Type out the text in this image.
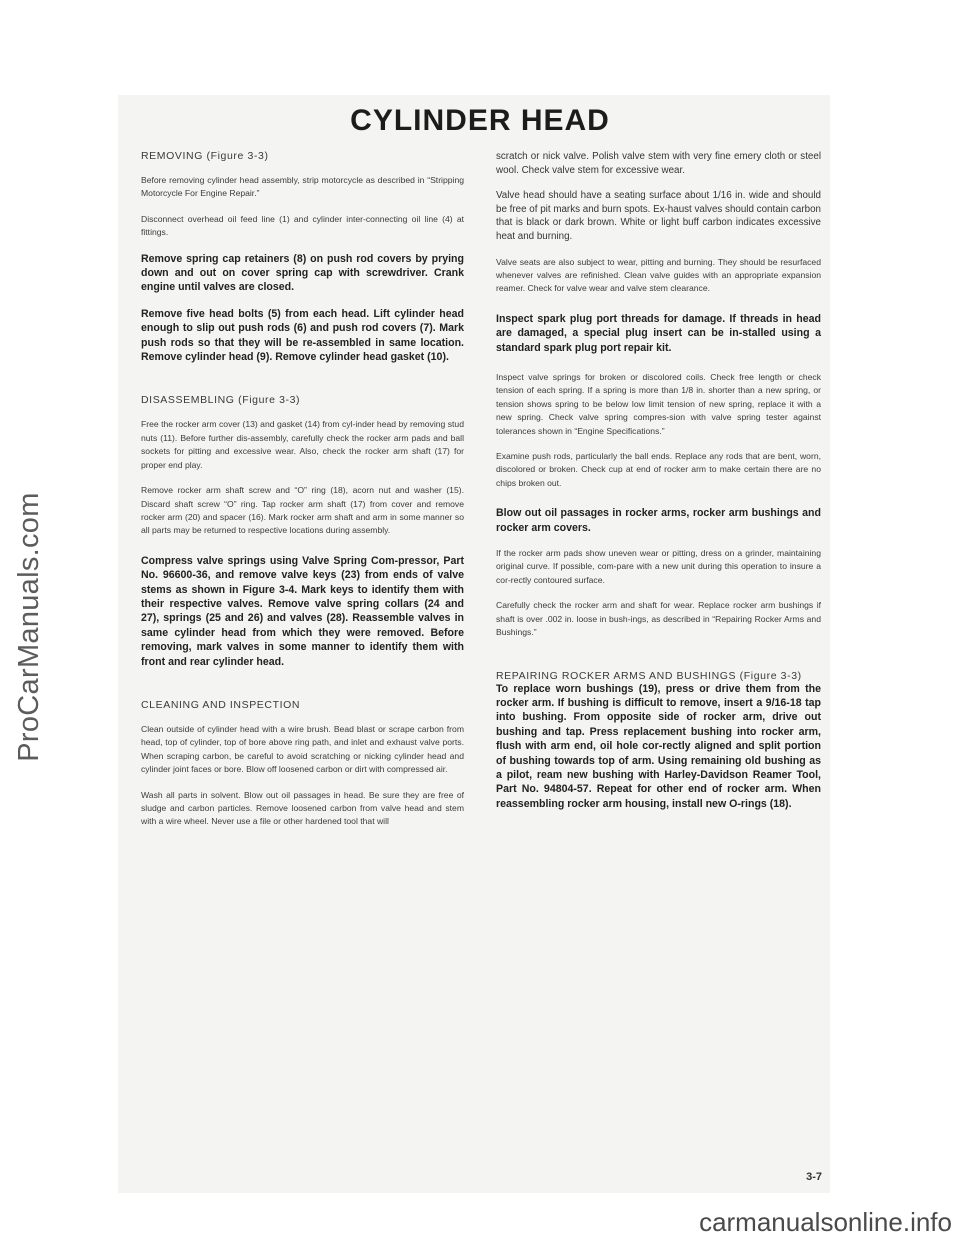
ProCarManuals.com
CYLINDER HEAD

REMOVING (Figure 3-3)

Before removing cylinder head assembly, strip motorcycle as described in “Stripping Motorcycle For Engine Repair.”

Disconnect overhead oil feed line (1) and cylinder inter-connecting oil line (4) at fittings.

Remove spring cap retainers (8) on push rod covers by prying down and out on cover spring cap with screwdriver. Crank engine until valves are closed.

Remove five head bolts (5) from each head. Lift cylinder head enough to slip out push rods (6) and push rod covers (7). Mark push rods so that they will be re-assembled in same location. Remove cylinder head (9). Remove cylinder head gasket (10).

DISASSEMBLING (Figure 3-3)

Free the rocker arm cover (13) and gasket (14) from cyl-inder head by removing stud nuts (11). Before further dis-assembly, carefully check the rocker arm pads and ball sockets for pitting and excessive wear. Also, check the rocker arm shaft (17) for proper end play.

Remove rocker arm shaft screw and “O” ring (18), acorn nut and washer (15). Discard shaft screw “O” ring. Tap rocker arm shaft (17) from cover and remove rocker arm (20) and spacer (16). Mark rocker arm shaft and arm in some manner so all parts may be returned to respective locations during assembly.

Compress valve springs using Valve Spring Com-pressor, Part No. 96600-36, and remove valve keys (23) from ends of valve stems as shown in Figure 3-4. Mark keys to identify them with their respective valves. Remove valve spring collars (24 and 27), springs (25 and 26) and valves (28). Reassemble valves in same cylinder head from which they were removed. Before removing, mark valves in some manner to identify them with front and rear cylinder head.

CLEANING AND INSPECTION

Clean outside of cylinder head with a wire brush. Bead blast or scrape carbon from head, top of cylinder, top of bore above ring path, and inlet and exhaust valve ports. When scraping carbon, be careful to avoid scratching or nicking cylinder head and cylinder joint faces or bore. Blow off loosened carbon or dirt with compressed air.

Wash all parts in solvent. Blow out oil passages in head. Be sure they are free of sludge and carbon particles. Remove loosened carbon from valve head and stem with a wire wheel. Never use a file or other hardened tool that will

scratch or nick valve. Polish valve stem with very fine emery cloth or steel wool. Check valve stem for excessive wear.

Valve head should have a seating surface about 1/16 in. wide and should be free of pit marks and burn spots. Ex-haust valves should contain carbon that is black or dark brown. White or light buff carbon indicates excessive heat and burning.

Valve seats are also subject to wear, pitting and burning. They should be resurfaced whenever valves are refinished. Clean valve guides with an appropriate expansion reamer. Check for valve wear and valve stem clearance.

Inspect spark plug port threads for damage. If threads in head are damaged, a special plug insert can be in-stalled using a standard spark plug port repair kit.

Inspect valve springs for broken or discolored coils. Check free length or check tension of each spring. If a spring is more than 1/8 in. shorter than a new spring, or tension shows spring to be below low limit tension of new spring, replace it with a new spring. Check valve spring compres-sion with valve spring tester against tolerances shown in “Engine Specifications.”

Examine push rods, particularly the ball ends. Replace any rods that are bent, worn, discolored or broken. Check cup at end of rocker arm to make certain there are no chips broken out.

Blow out oil passages in rocker arms, rocker arm bushings and rocker arm covers.

If the rocker arm pads show uneven wear or pitting, dress on a grinder, maintaining original curve. If possible, com-pare with a new unit during this operation to insure a cor-rectly contoured surface.

Carefully check the rocker arm and shaft for wear. Replace rocker arm bushings if shaft is over .002 in. loose in bush-ings, as described in “Repairing Rocker Arms and Bushings.”

REPAIRING ROCKER ARMS AND BUSHINGS (Figure 3-3)

To replace worn bushings (19), press or drive them from the rocker arm. If bushing is difficult to remove, insert a 9/16-18 tap into bushing. From opposite side of rocker arm, drive out bushing and tap. Press replacement bushing into rocker arm, flush with arm end, oil hole cor-rectly aligned and split portion of bushing towards top of arm. Using remaining old bushing as a pilot, ream new bushing with Harley-Davidson Reamer Tool, Part No. 94804-57. Repeat for other end of rocker arm. When reassembling rocker arm housing, install new O-rings (18).

3-7
carmanualsonline.info
